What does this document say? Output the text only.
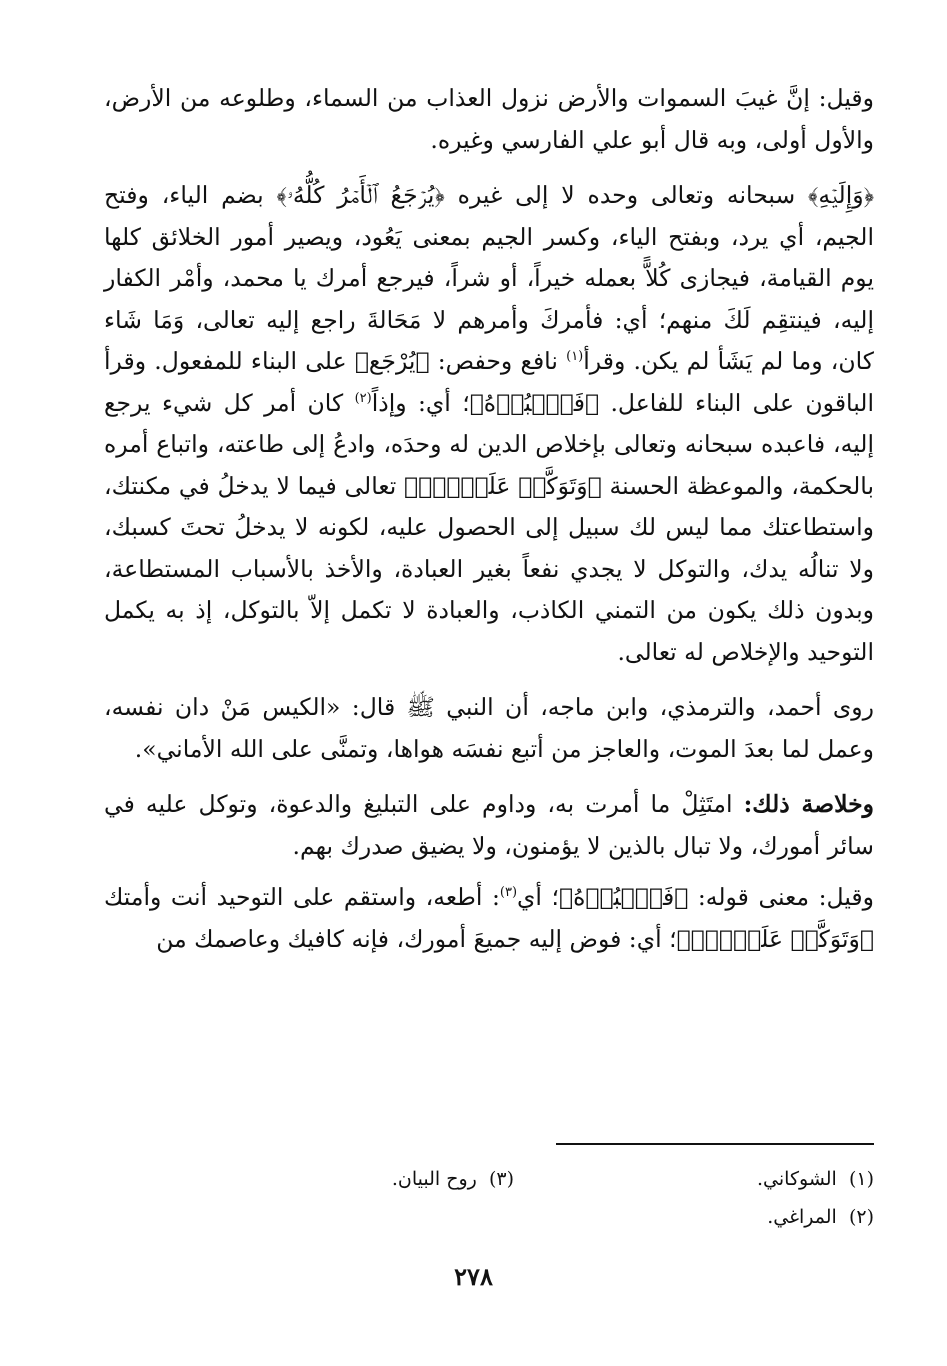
وقيل: إنَّ غيبَ السموات والأرض نزول العذاب من السماء، وطلوعه من الأرض، والأول أولى، وبه قال أبو علي الفارسي وغيره.

﴿وَإِلَيۡهِ﴾ سبحانه وتعالى وحده لا إلى غيره ﴿يُرۡجَعُ ٱلۡأَمۡرُ كُلُّهُۥ﴾ بضم الياء، وفتح الجيم، أي يرد، وبفتح الياء، وكسر الجيم بمعنى يَعُود، ويصير أمور الخلائق كلها يوم القيامة، فيجازى كُلاًّ بعمله خيراً، أو شراً، فيرجع أمرك يا محمد، وأمْر الكفار إليه، فينتقِم لَكَ منهم؛ أي: فأمركَ وأمرهم لا مَحَالةَ راجع إليه تعالى، وَمَا شَاء كان، وما لم يَشَأ لم يكن. وقرأ$^{(١)}$ نافع وحفص: ﴿يُرْجَع﴾ على البناء للمفعول. وقرأ الباقون على البناء للفاعل. ﴿فَٱعۡبُدۡهُ﴾؛ أي: وإذاً$^{(٢)}$ كان أمر كل شيء يرجع إليه، فاعبده سبحانه وتعالى بإخلاص الدين له وحدَه، وادعُ إلى طاعته، واتباع أمره بالحكمة، والموعظة الحسنة ﴿وَتَوَكَّلۡ عَلَيۡهِۚ﴾ تعالى فيما لا يدخلُ في مكنتك، واستطاعتك مما ليس لك سبيل إلى الحصول عليه، لكونه لا يدخلُ تحتَ كسبك، ولا تنالُه يدك، والتوكل لا يجدي نفعاً بغير العبادة، والأخذ بالأسباب المستطاعة، وبدون ذلك يكون من التمني الكاذب، والعبادة لا تكمل إلاّ بالتوكل، إذ به يكمل التوحيد والإخلاص له تعالى.

روى أحمد، والترمذي، وابن ماجه، أن النبي ﷺ قال: «الكيس مَنْ دان نفسه، وعمل لما بعدَ الموت، والعاجز من أتبع نفسَه هواها، وتمنَّى على الله الأماني».

وخلاصة ذلك: امتَثِلْ ما أمرت به، وداوم على التبليغ والدعوة، وتوكل عليه في سائر أمورك، ولا تبال بالذين لا يؤمنون، ولا يضيق صدرك بهم.

وقيل: معنى قوله: ﴿فَٱعۡبُدۡهُ﴾؛ أي$^{(٣)}$: أطعه، واستقم على التوحيد أنت وأمتك ﴿وَتَوَكَّلۡ عَلَيۡهِۚ﴾؛ أي: فوض إليه جميعَ أمورك، فإنه كافيك وعاصمك من

(١)  الشوكاني.
(٣)  روح البيان.
(٢)  المراغي.
٢٧٨
